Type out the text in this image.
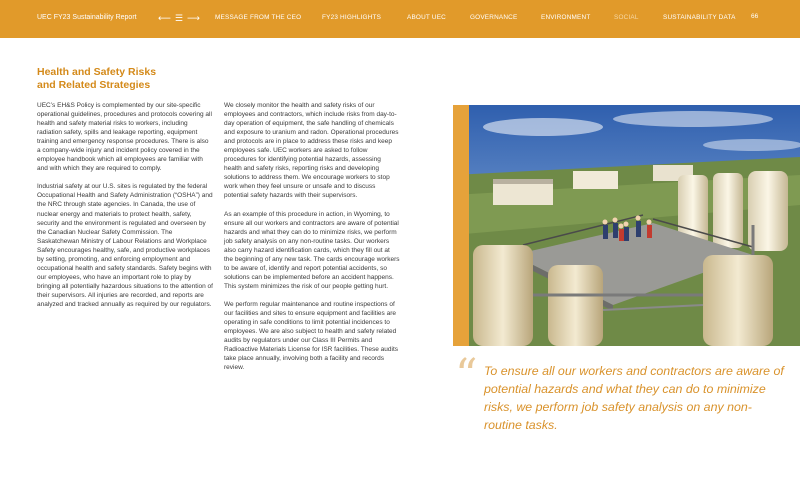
UEC FY23 Sustainability Report ⟵ ☰ ⟶ MESSAGE FROM THE CEO	FY23 HIGHLIGHTS	ABOUT UEC	GOVERNANCE	ENVIRONMENT	SOCIAL	SUSTAINABILITY DATA 66
Health and Safety Risks
and Related Strategies

UEC’s EH&S Policy is complemented by our site-specific operational guidelines, procedures and protocols covering all health and safety material risks to workers, including radiation safety, spills and leakage reporting, equipment training and emergency response procedures. There is also a company-wide injury and incident policy covered in the employee handbook which all employees are familiar with and with which they are required to comply.

Industrial safety at our U.S. sites is regulated by the federal Occupational Health and Safety Administration (“OSHA”) and the NRC through state agencies. In Canada, the use of nuclear energy and materials to protect health, safety, security and the environment is regulated and overseen by the Canadian Nuclear Safety Commission. The Saskatchewan Ministry of Labour Relations and Workplace Safety encourages healthy, safe, and productive workplaces by setting, promoting, and enforcing employment and occupational health and safety standards. Safety begins with our employees, who have an important role to play by bringing all potentially hazardous situations to the attention of their supervisors. All injuries are recorded, and reports are analyzed and tracked annually as required by our regulators.

We closely monitor the health and safety risks of our employees and contractors, which include risks from day-to-day operation of equipment, the safe handling of chemicals and exposure to uranium and radon. Operational procedures and protocols are in place to address these risks and keep employees safe. UEC workers are asked to follow procedures for identifying potential hazards, assessing health and safety risks, reporting risks and developing solutions to address them. We encourage workers to stop work when they feel unsure or unsafe and to discuss potential safety hazards with their supervisors.

As an example of this procedure in action, in Wyoming, to ensure all our workers and contractors are aware of potential hazards and what they can do to minimize risks, we perform job safety analysis on any non-routine tasks. Our workers also carry hazard identification cards, which they fill out at the beginning of any new task. The cards encourage workers to be aware of, identify and report potential accidents, so solutions can be implemented before an accident happens. This system minimizes the risk of our people getting hurt.

We perform regular maintenance and routine inspections of our facilities and sites to ensure equipment and facilities are operating in safe conditions to limit potential incidences to employees. We are also subject to health and safety related audits by regulators under our Class III Permits and Radioactive Materials License for ISR facilities. These audits take place annually, involving both a facility and records review.	“ To ensure all our workers and contractors are aware of potential hazards and what they can do to minimize risks, we perform job safety analysis on any non-routine tasks.
